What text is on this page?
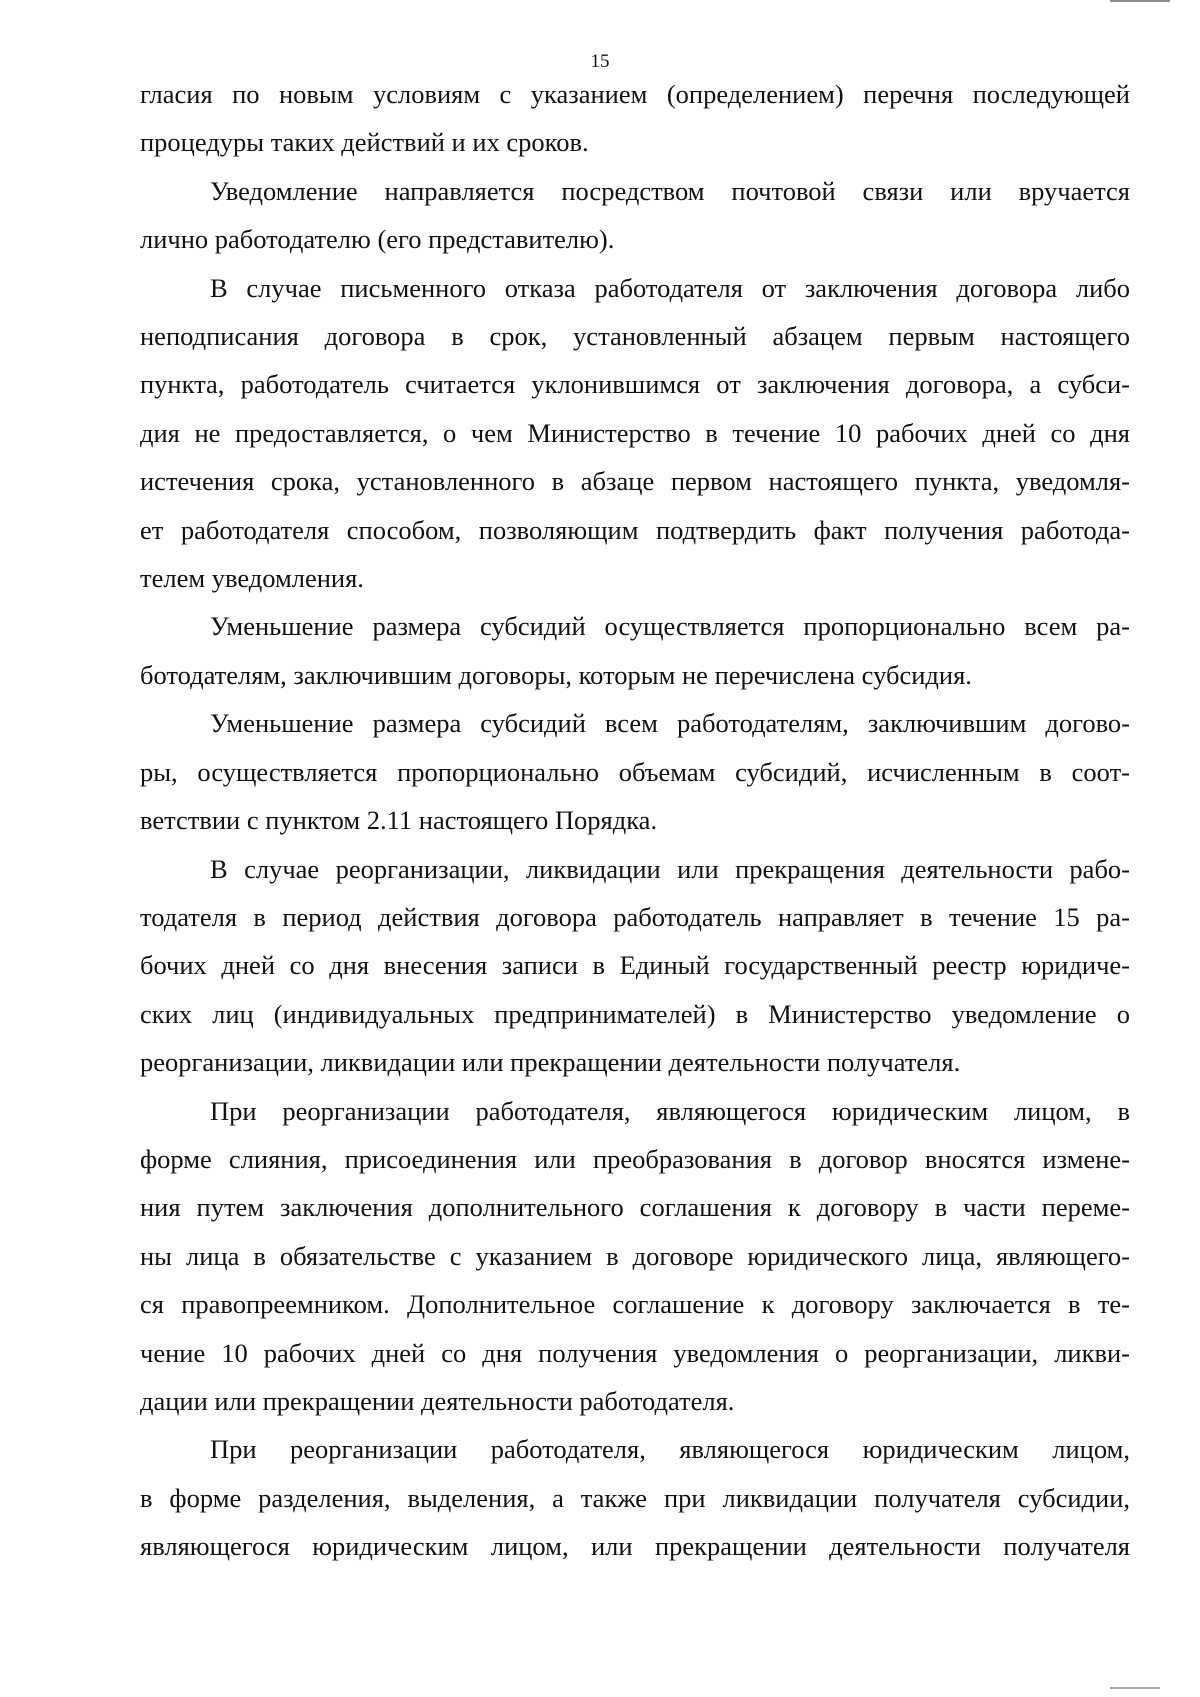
15
гласия по новым условиям с указанием (определением) перечня последующей
процедуры таких действий и их сроков.
Уведомление направляется посредством почтовой связи или вручается
лично работодателю (его представителю).
В случае письменного отказа работодателя от заключения договора либо
неподписания договора в срок, установленный абзацем первым настоящего
пункта, работодатель считается уклонившимся от заключения договора, а субси-
дия не предоставляется, о чем Министерство в течение 10 рабочих дней со дня
истечения срока, установленного в абзаце первом настоящего пункта, уведомля-
ет работодателя способом, позволяющим подтвердить факт получения работода-
телем уведомления.
Уменьшение размера субсидий осуществляется пропорционально всем ра-
ботодателям, заключившим договоры, которым не перечислена субсидия.
Уменьшение размера субсидий всем работодателям, заключившим догово-
ры, осуществляется пропорционально объемам субсидий, исчисленным в соот-
ветствии с пунктом 2.11 настоящего Порядка.
В случае реорганизации, ликвидации или прекращения деятельности рабо-
тодателя в период действия договора работодатель направляет в течение 15 ра-
бочих дней со дня внесения записи в Единый государственный реестр юридиче-
ских лиц (индивидуальных предпринимателей) в Министерство уведомление о
реорганизации, ликвидации или прекращении деятельности получателя.
При реорганизации работодателя, являющегося юридическим лицом, в
форме слияния, присоединения или преобразования в договор вносятся измене-
ния путем заключения дополнительного соглашения к договору в части переме-
ны лица в обязательстве с указанием в договоре юридического лица, являющего-
ся правопреемником. Дополнительное соглашение к договору заключается в те-
чение 10 рабочих дней со дня получения уведомления о реорганизации, ликви-
дации или прекращении деятельности работодателя.
При реорганизации работодателя, являющегося юридическим лицом,
в форме разделения, выделения, а также при ликвидации получателя субсидии,
являющегося юридическим лицом, или прекращении деятельности получателя
